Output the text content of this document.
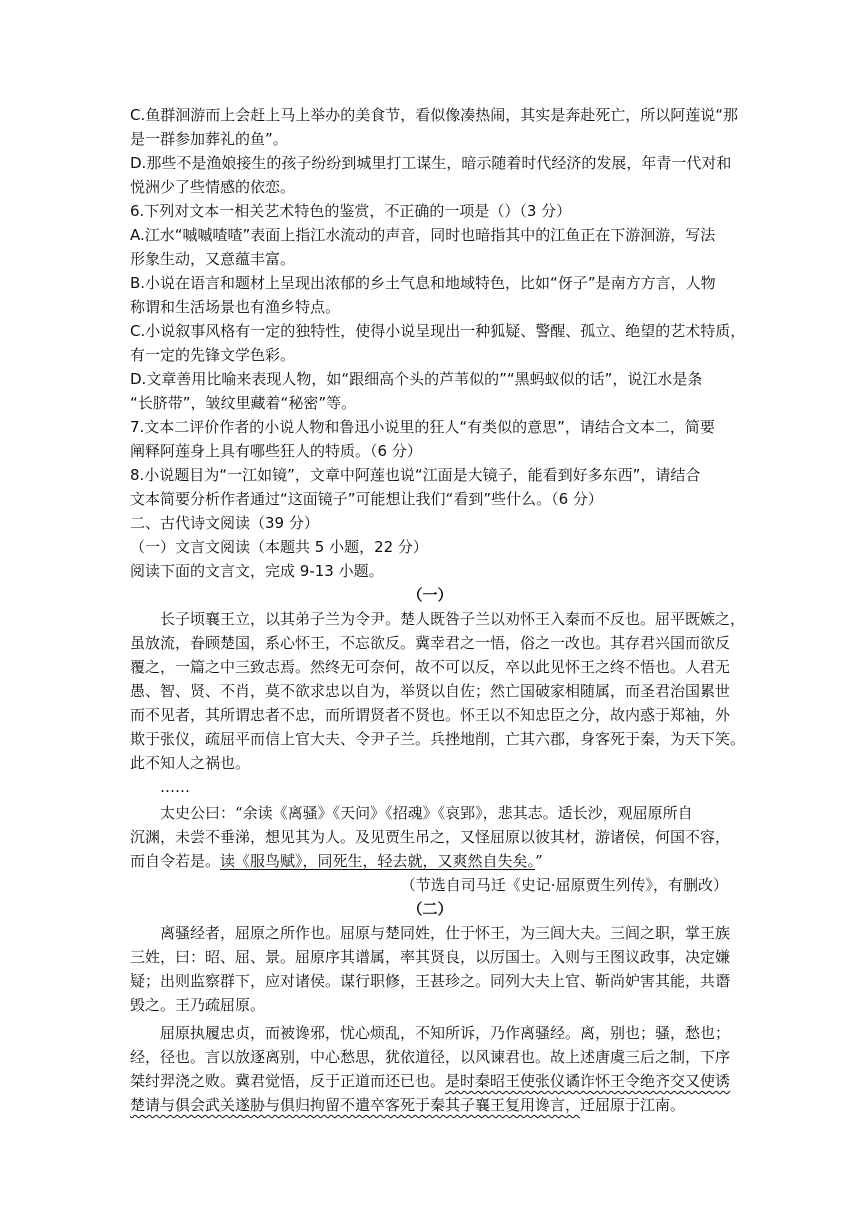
C.鱼群洄游而上会赶上马上举办的美食节，看似像凑热闹，其实是奔赴死亡，所以阿莲说“那
是一群参加葬礼的鱼”。
D.那些不是渔娘接生的孩子纷纷到城里打工谋生，暗示随着时代经济的发展，年青一代对和
悦洲少了些情感的依恋。
6.下列对文本一相关艺术特色的鉴赏，不正确的一项是（）（3 分）
A.江水“嘁嘁喳喳”表面上指江水流动的声音，同时也暗指其中的江鱼正在下游洄游，写法
形象生动，又意蕴丰富。
B.小说在语言和题材上呈现出浓郁的乡土气息和地域特色，比如“伢子”是南方方言，人物
称谓和生活场景也有渔乡特点。
C.小说叙事风格有一定的独特性，使得小说呈现出一种狐疑、警醒、孤立、绝望的艺术特质，
有一定的先锋文学色彩。
D.文章善用比喻来表现人物，如“跟细高个头的芦苇似的”“黑蚂蚁似的话”，说江水是条
“长脐带”，皱纹里藏着“秘密”等。
7.文本二评价作者的小说人物和鲁迅小说里的狂人“有类似的意思”，请结合文本二，简要
阐释阿莲身上具有哪些狂人的特质。（6 分）
8.小说题目为“一江如镜”，文章中阿莲也说“江面是大镜子，能看到好多东西”，请结合
文本简要分析作者通过“这面镜子”可能想让我们“看到”些什么。（6 分）
二、古代诗文阅读（39 分）
（一）文言文阅读（本题共 5 小题，22 分）
阅读下面的文言文，完成 9-13 小题。
（一）
长子顷襄王立，以其弟子兰为令尹。楚人既咎子兰以劝怀王入秦而不反也。屈平既嫉之，
虽放流，眷顾楚国，系心怀王，不忘欲反。冀幸君之一悟，俗之一改也。其存君兴国而欲反
覆之，一篇之中三致志焉。然终无可奈何，故不可以反，卒以此见怀王之终不悟也。人君无
愚、智、贤、不肖，莫不欲求忠以自为，举贤以自佐；然亡国破家相随属，而圣君治国累世
而不见者，其所谓忠者不忠，而所谓贤者不贤也。怀王以不知忠臣之分，故内惑于郑袖，外
欺于张仪，疏屈平而信上官大夫、令尹子兰。兵挫地削，亡其六郡，身客死于秦，为天下笑。
此不知人之祸也。
……
太史公曰：“余读《离骚》《天问》《招魂》《哀郢》，悲其志。适长沙，观屈原所自
沉渊，未尝不垂涕，想见其为人。及见贾生吊之，又怪屈原以彼其材，游诸侯，何国不容，
而自令若是。读《服鸟赋》，同死生，轻去就，又爽然自失矣。”
（节选自司马迁《史记·屈原贾生列传》，有删改）
（二）
离骚经者，屈原之所作也。屈原与楚同姓，仕于怀王，为三闾大夫。三闾之职，掌王族
三姓，曰：昭、屈、景。屈原序其谱属，率其贤良，以厉国士。入则与王图议政事，决定嫌
疑；出则监察群下，应对诸侯。谋行职修，王甚珍之。同列大夫上官、靳尚妒害其能，共谮
毁之。王乃疏屈原。
屈原执履忠贞，而被谗邪，忧心烦乱，不知所诉，乃作离骚经。离，别也；骚，愁也；
经，径也。言以放逐离别，中心愁思，犹依道径，以风谏君也。故上述唐虞三后之制，下序
桀纣羿浇之败。冀君觉悟，反于正道而还已也。是时秦昭王使张仪谲诈怀王令绝齐交又使诱
楚请与俱会武关遂胁与俱归拘留不遣卒客死于秦其子襄王复用谗言，迁屈原于江南。
